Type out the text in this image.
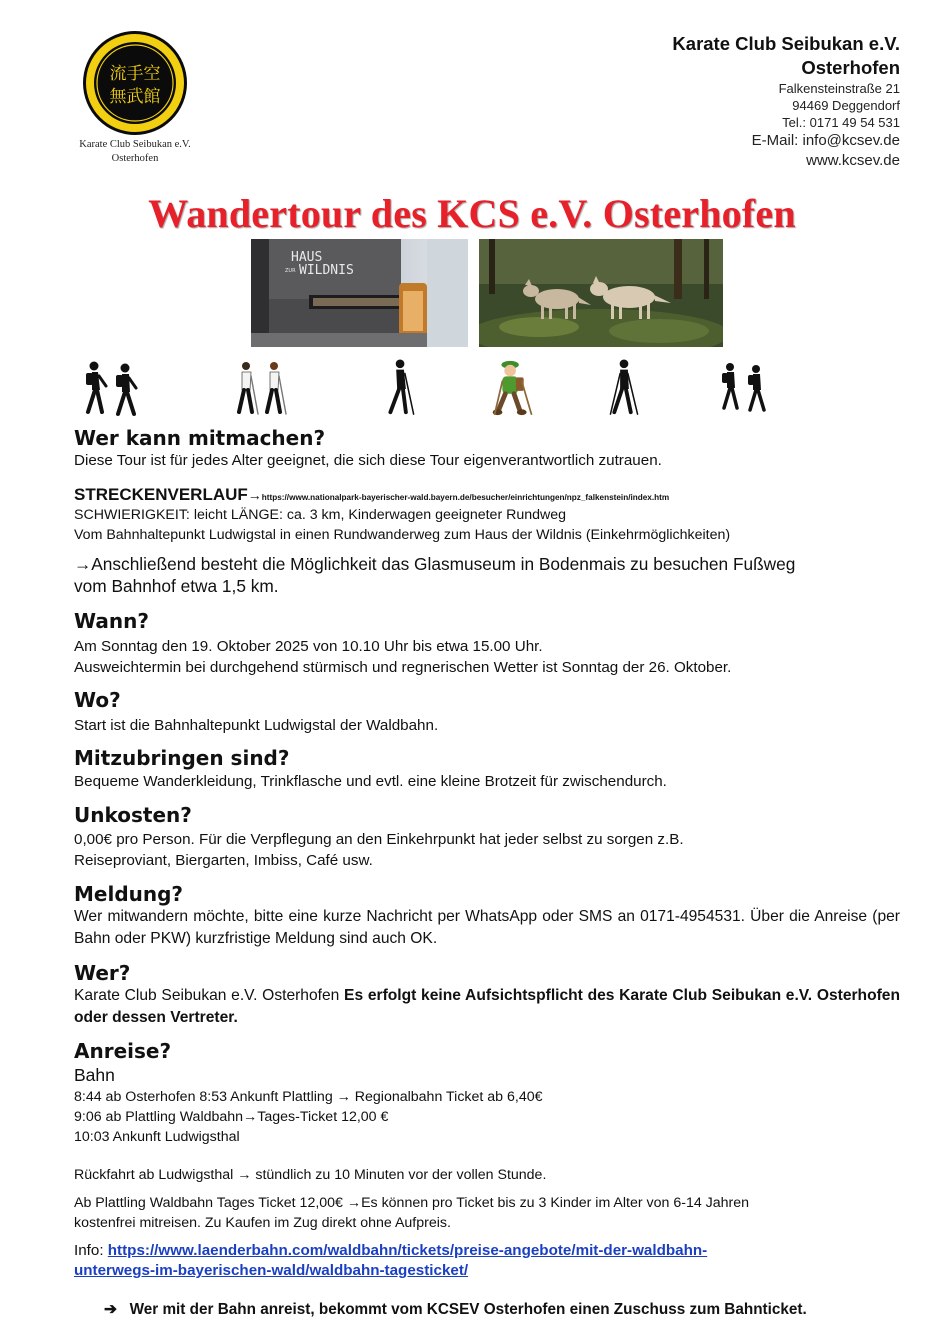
流手空
無武館
Karate Club Seibukan e.V.
Osterhofen
Karate Club Seibukan e.V.
Osterhofen
Falkensteinstraße 21
94469 Deggendorf
Tel.: 0171 49 54 531
E-Mail: info@kcsev.de
www.kcsev.de
Wandertour des KCS e.V. Osterhofen
HAUS
ZUR WILDNIS
Wer kann mitmachen?

Diese Tour ist für jedes Alter geeignet, die sich diese Tour eigenverantwortlich zutrauen.

STRECKENVERLAUF→https://www.nationalpark-bayerischer-wald.bayern.de/besucher/einrichtungen/npz_falkenstein/index.htm

SCHWIERIGKEIT: leicht LÄNGE: ca. 3 km, Kinderwagen geeigneter Rundweg

Vom Bahnhaltepunkt Ludwigstal in einen Rundwanderweg zum Haus der Wildnis (Einkehrmöglichkeiten)

→Anschließend besteht die Möglichkeit das Glasmuseum in Bodenmais zu besuchen Fußweg

vom Bahnhof etwa 1,5 km.

Wann?

Am Sonntag den 19. Oktober 2025 von 10.10 Uhr bis etwa 15.00 Uhr.

Ausweichtermin bei durchgehend stürmisch und regnerischen Wetter ist Sonntag der 26. Oktober.

Wo?

Start ist die Bahnhaltepunkt Ludwigstal der Waldbahn.

Mitzubringen sind?

Bequeme Wanderkleidung, Trinkflasche und evtl. eine kleine Brotzeit für zwischendurch.

Unkosten?

0,00€ pro Person. Für die Verpflegung an den Einkehrpunkt hat jeder selbst zu sorgen z.B.

Reiseproviant, Biergarten, Imbiss, Café usw.

Meldung?

Wer mitwandern möchte, bitte eine kurze Nachricht per WhatsApp oder SMS an 0171-4954531. Über die Anreise (per Bahn oder PKW) kurzfristige Meldung sind auch OK.

Wer?

Karate Club Seibukan e.V. Osterhofen Es erfolgt keine Aufsichtspflicht des Karate Club Seibukan e.V. Osterhofen oder dessen Vertreter.

Anreise?

Bahn

8:44 ab Osterhofen 8:53 Ankunft Plattling → Regionalbahn Ticket ab 6,40€

9:06 ab Plattling Waldbahn→Tages-Ticket 12,00 €

10:03 Ankunft Ludwigsthal

Rückfahrt ab Ludwigsthal → stündlich zu 10 Minuten vor der vollen Stunde.

Ab Plattling Waldbahn Tages Ticket 12,00€ →Es können pro Ticket bis zu 3 Kinder im Alter von 6-14 Jahren

kostenfrei mitreisen. Zu Kaufen im Zug direkt ohne Aufpreis.

Info: https://www.laenderbahn.com/waldbahn/tickets/preise-angebote/mit-der-waldbahn-
unterwegs-im-bayerischen-wald/waldbahn-tagesticket/

➔ Wer mit der Bahn anreist, bekommt vom KCSEV Osterhofen einen Zuschuss zum Bahnticket.
